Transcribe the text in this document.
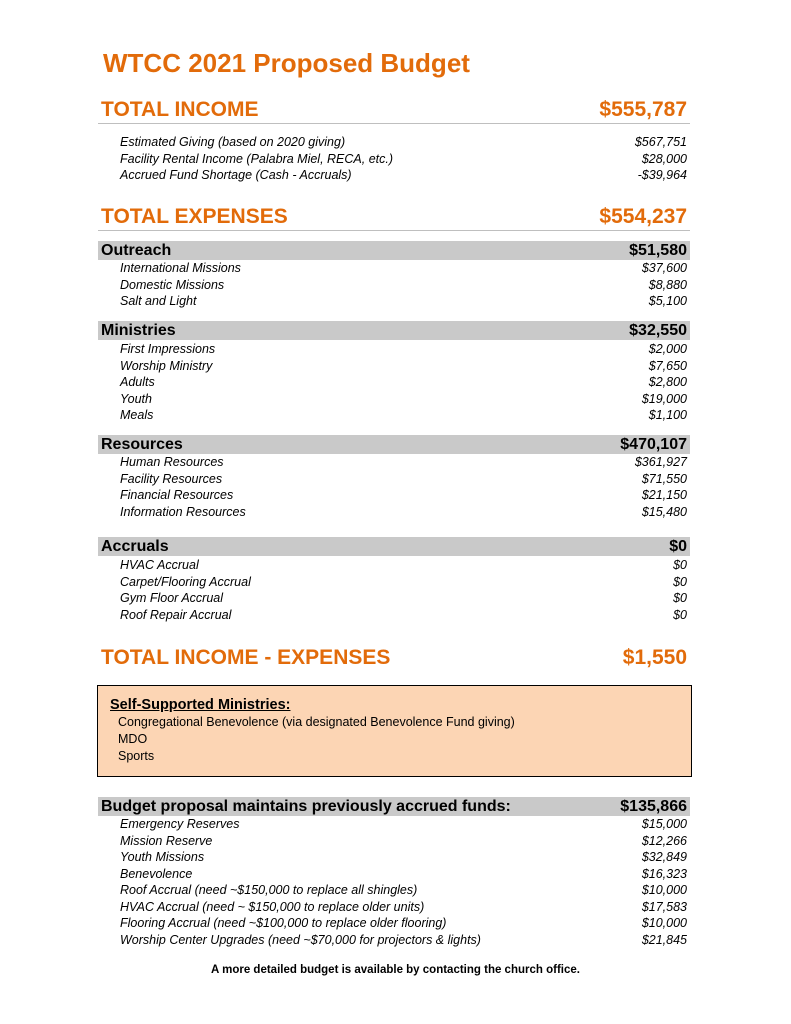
WTCC 2021 Proposed Budget
TOTAL INCOME	$555,787
Estimated Giving (based on 2020 giving)	$567,751
Facility Rental Income (Palabra Miel, RECA, etc.)	$28,000
Accrued Fund Shortage (Cash - Accruals)	-$39,964
TOTAL EXPENSES	$554,237
Outreach	$51,580
International Missions	$37,600
Domestic Missions	$8,880
Salt and Light	$5,100
Ministries	$32,550
First Impressions	$2,000
Worship Ministry	$7,650
Adults	$2,800
Youth	$19,000
Meals	$1,100
Resources	$470,107
Human Resources	$361,927
Facility Resources	$71,550
Financial Resources	$21,150
Information Resources	$15,480
Accruals	$0
HVAC Accrual	$0
Carpet/Flooring Accrual	$0
Gym Floor Accrual	$0
Roof Repair Accrual	$0
TOTAL INCOME - EXPENSES	$1,550
Self-Supported Ministries:
Congregational Benevolence (via designated Benevolence Fund giving)
MDO
Sports
Budget proposal maintains previously accrued funds:	$135,866
Emergency Reserves	$15,000
Mission Reserve	$12,266
Youth Missions	$32,849
Benevolence	$16,323
Roof Accrual (need ~$150,000 to replace all shingles)	$10,000
HVAC Accrual (need ~ $150,000 to replace older units)	$17,583
Flooring Accrual (need ~$100,000 to replace older flooring)	$10,000
Worship Center Upgrades (need ~$70,000 for projectors & lights)	$21,845
A more detailed budget is available by contacting the church office.
